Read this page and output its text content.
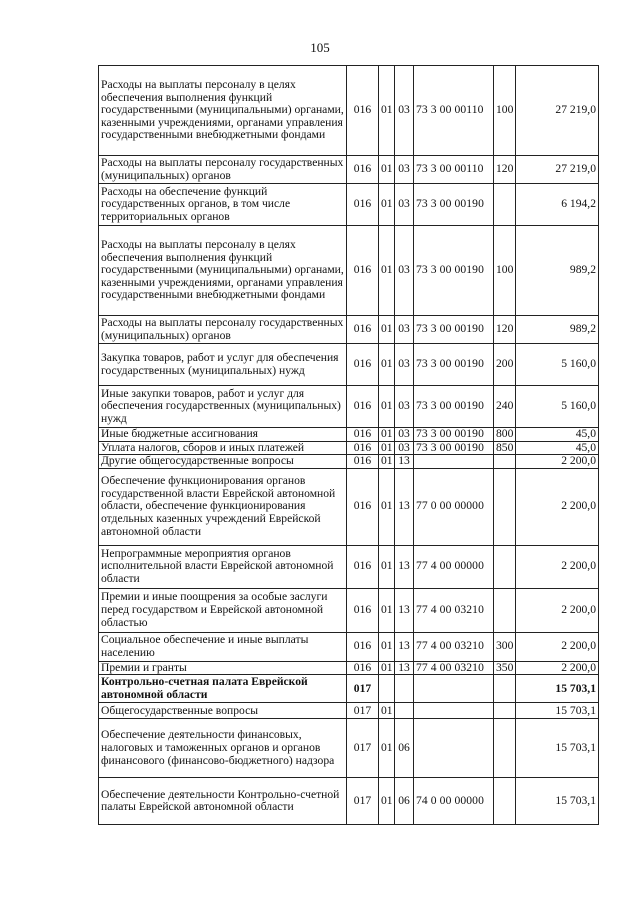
105
Расходы на выплаты персоналу в целях обеспечения выполнения функций государственными (муниципальными) органами, казенными учреждениями, органами управления государственными внебюджетными фондами	016	01	03	73 3 00 00110	100	27 219,0
Расходы на выплаты персоналу государственных (муниципальных) органов	016	01	03	73 3 00 00110	120	27 219,0
Расходы на обеспечение функций государственных органов, в том числе территориальных органов	016	01	03	73 3 00 00190		6 194,2
Расходы на выплаты персоналу в целях обеспечения выполнения функций государственными (муниципальными) органами, казенными учреждениями, органами управления государственными внебюджетными фондами	016	01	03	73 3 00 00190	100	989,2
Расходы на выплаты персоналу государственных (муниципальных) органов	016	01	03	73 3 00 00190	120	989,2
Закупка товаров, работ и услуг для обеспечения государственных (муниципальных) нужд	016	01	03	73 3 00 00190	200	5 160,0
Иные закупки товаров, работ и услуг для обеспечения государственных (муниципальных) нужд	016	01	03	73 3 00 00190	240	5 160,0
Иные бюджетные ассигнования	016	01	03	73 3 00 00190	800	45,0
Уплата налогов, сборов и иных платежей	016	01	03	73 3 00 00190	850	45,0
Другие общегосударственные вопросы	016	01	13			2 200,0
Обеспечение функционирования органов государственной власти Еврейской автономной области, обеспечение функционирования отдельных казенных учреждений Еврейской автономной области	016	01	13	77 0 00 00000		2 200,0
Непрограммные мероприятия органов исполнительной власти Еврейской автономной области	016	01	13	77 4 00 00000		2 200,0
Премии и иные поощрения за особые заслуги перед государством и Еврейской автономной областью	016	01	13	77 4 00 03210		2 200,0
Социальное обеспечение и иные выплаты населению	016	01	13	77 4 00 03210	300	2 200,0
Премии и гранты	016	01	13	77 4 00 03210	350	2 200,0
Контрольно-счетная палата Еврейской автономной области	017					15 703,1
Общегосударственные вопросы	017	01				15 703,1
Обеспечение деятельности финансовых, налоговых и таможенных органов и органов финансового (финансово-бюджетного) надзора	017	01	06			15 703,1
Обеспечение деятельности Контрольно-счетной палаты Еврейской автономной области	017	01	06	74 0 00 00000		15 703,1
